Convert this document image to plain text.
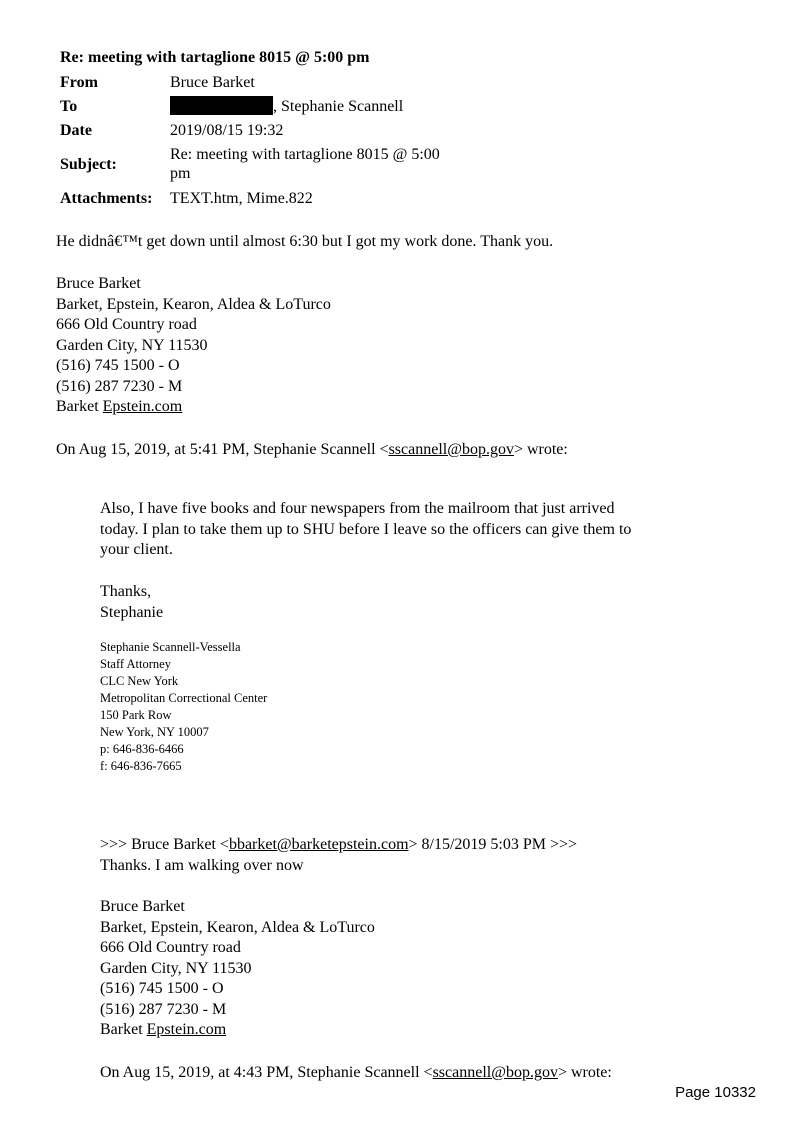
Re: meeting with tartaglione 8015 @ 5:00 pm
From	Bruce Barket
To	, Stephanie Scannell
Date	2019/08/15 19:32
Subject:	Re: meeting with tartaglione 8015 @ 5:00
pm

Attachments:	TEXT.htm, Mime.822
He didnâ€™t get down until almost 6:30 but I got my work done. Thank you.
Bruce Barket
Barket, Epstein, Kearon, Aldea & LoTurco
666 Old Country road
Garden City, NY 11530
(516) 745 1500 - O
(516) 287 7230 - M
Barket Epstein.com
On Aug 15, 2019, at 5:41 PM, Stephanie Scannell <sscannell@bop.gov> wrote:
Also, I have five books and four newspapers from the mailroom that just arrived
today. I plan to take them up to SHU before I leave so the officers can give them to
your client.
Thanks,
Stephanie
Stephanie Scannell-Vessella
Staff Attorney
CLC New York
Metropolitan Correctional Center
150 Park Row
New York, NY 10007
p: 646-836-6466
f: 646-836-7665
>>> Bruce Barket <bbarket@barketepstein.com> 8/15/2019 5:03 PM >>>
Thanks. I am walking over now
Bruce Barket
Barket, Epstein, Kearon, Aldea & LoTurco
666 Old Country road
Garden City, NY 11530
(516) 745 1500 - O
(516) 287 7230 - M
Barket Epstein.com
On Aug 15, 2019, at 4:43 PM, Stephanie Scannell <sscannell@bop.gov> wrote:
Page 10332
